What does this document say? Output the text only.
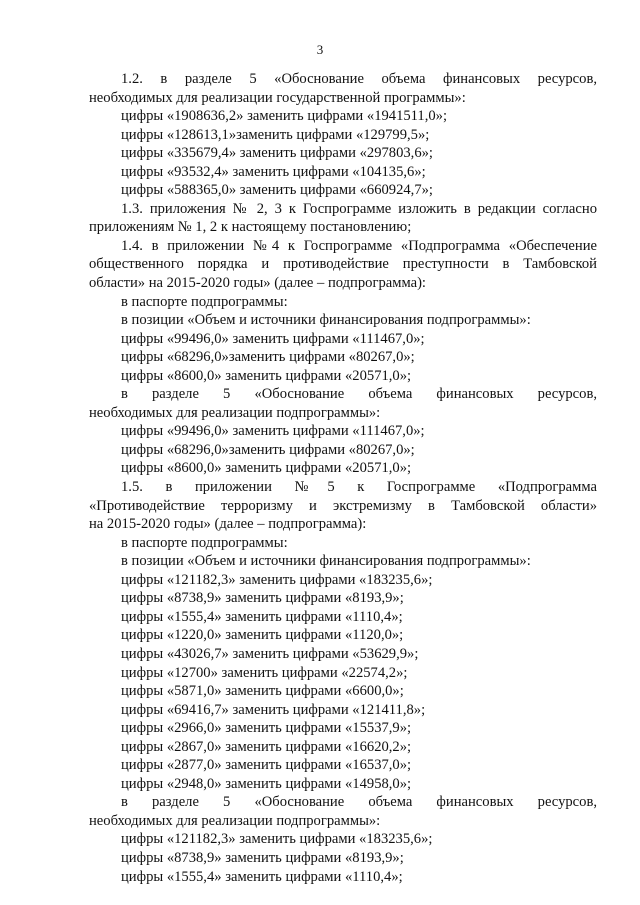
3
1.2. в разделе 5 «Обоснование объема финансовых ресурсов,
необходимых для реализации государственной программы»:
цифры «1908636,2» заменить цифрами «1941511,0»;
цифры «128613,1»заменить цифрами «129799,5»;
цифры «335679,4» заменить цифрами «297803,6»;
цифры «93532,4» заменить цифрами «104135,6»;
цифры «588365,0» заменить цифрами «660924,7»;
1.3. приложения № 2, 3 к Госпрограмме изложить в редакции согласно
приложениям № 1, 2 к настоящему постановлению;
1.4. в приложении №4 к Госпрограмме «Подпрограмма «Обеспечение
общественного порядка и противодействие преступности в Тамбовской
области» на 2015-2020 годы» (далее – подпрограмма):
в паспорте подпрограммы:
в позиции «Объем и источники финансирования подпрограммы»:
цифры «99496,0» заменить цифрами «111467,0»;
цифры «68296,0»заменить цифрами «80267,0»;
цифры «8600,0» заменить цифрами «20571,0»;
в разделе 5 «Обоснование объема финансовых ресурсов,
необходимых для реализации подпрограммы»:
цифры «99496,0» заменить цифрами «111467,0»;
цифры «68296,0»заменить цифрами «80267,0»;
цифры «8600,0» заменить цифрами «20571,0»;
1.5. в приложении №5 к Госпрограмме «Подпрограмма
«Противодействие терроризму и экстремизму в Тамбовской области»
на 2015-2020 годы» (далее – подпрограмма):
в паспорте подпрограммы:
в позиции «Объем и источники финансирования подпрограммы»:
цифры «121182,3» заменить цифрами «183235,6»;
цифры «8738,9» заменить цифрами «8193,9»;
цифры «1555,4» заменить цифрами «1110,4»;
цифры «1220,0» заменить цифрами «1120,0»;
цифры «43026,7» заменить цифрами «53629,9»;
цифры «12700» заменить цифрами «22574,2»;
цифры «5871,0» заменить цифрами «6600,0»;
цифры «69416,7» заменить цифрами «121411,8»;
цифры «2966,0» заменить цифрами «15537,9»;
цифры «2867,0» заменить цифрами «16620,2»;
цифры «2877,0» заменить цифрами «16537,0»;
цифры «2948,0» заменить цифрами «14958,0»;
в разделе 5 «Обоснование объема финансовых ресурсов,
необходимых для реализации подпрограммы»:
цифры «121182,3» заменить цифрами «183235,6»;
цифры «8738,9» заменить цифрами «8193,9»;
цифры «1555,4» заменить цифрами «1110,4»;
